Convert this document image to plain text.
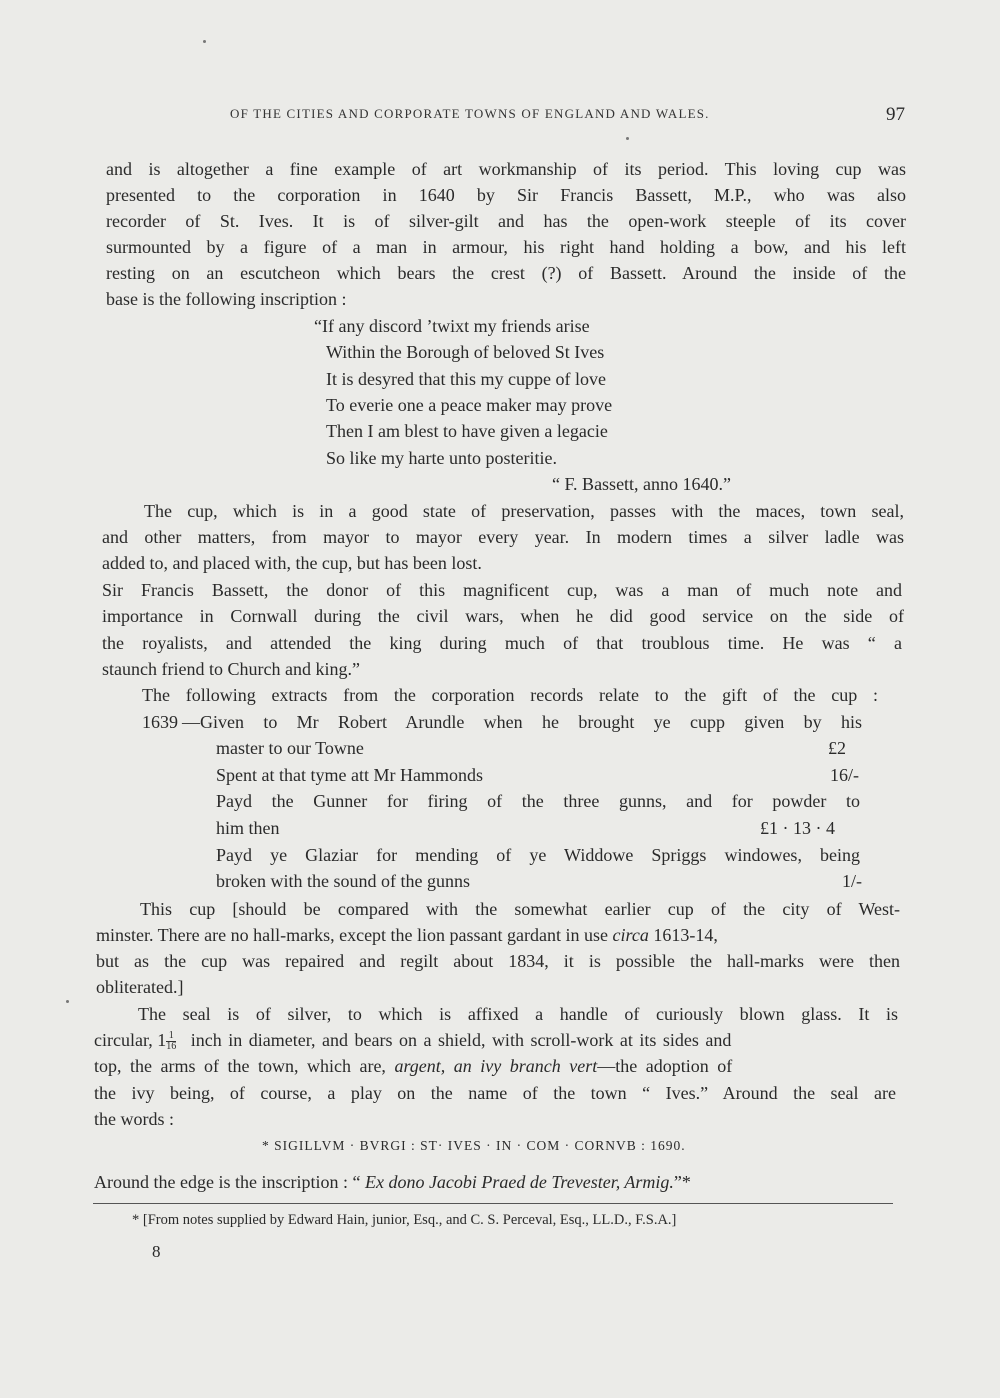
OF THE CITIES AND CORPORATE TOWNS OF ENGLAND AND WALES.	97
and is altogether a fine example of art workmanship of its period. This loving cup was
presented to the corporation in 1640 by Sir Francis Bassett, M.P., who was also
recorder of St. Ives. It is of silver-gilt and has the open-work steeple of its cover
surmounted by a figure of a man in armour, his right hand holding a bow, and his left
resting on an escutcheon which bears the crest (?) of Bassett. Around the inside of the
base is the following inscription :
“If any discord ’twixt my friends arise
Within the Borough of beloved St Ives
It is desyred that this my cuppe of love
To everie one a peace maker may prove
Then I am blest to have given a legacie
So like my harte unto posteritie.
“ F. Bassett, anno 1640.”
The cup, which is in a good state of preservation, passes with the maces, town seal,
and other matters, from mayor to mayor every year. In modern times a silver ladle was
added to, and placed with, the cup, but has been lost.
Sir Francis Bassett, the donor of this magnificent cup, was a man of much note and
importance in Cornwall during the civil wars, when he did good service on the side of
the royalists, and attended the king during much of that troublous time. He was “ a
staunch friend to Church and king.”
The following extracts from the corporation records relate to the gift of the cup :
1639 —Given to Mr Robert Arundle when he brought ye cupp given by his
master to our Towne	£2
Spent at that tyme att Mr Hammonds	16/-
Payd the Gunner for firing of the three gunns, and for powder to
him then	£1 · 13 · 4
Payd ye Glaziar for mending of ye Widdowe Spriggs windowes, being
broken with the sound of the gunns	1/-
This cup [should be compared with the somewhat earlier cup of the city of West-
minster. There are no hall-marks, except the lion passant gardant in use circa 1613-14,
but as the cup was repaired and regilt about 1834, it is possible the hall-marks were then
obliterated.]
The seal is of silver, to which is affixed a handle of curiously blown glass. It is
circular, $1 \frac{1}{16}$ inch in diameter, and bears on a shield, with scroll-work at its sides and
top, the arms of the town, which are, argent, an ivy branch vert—the adoption of
the ivy being, of course, a play on the name of the town “ Ives.” Around the seal are
the words :
* SIGILLVM · BVRGI : ST· IVES · IN · COM · CORNVB : 1690.
Around the edge is the inscription : “ Ex dono Jacobi Praed de Trevester, Armig.”*
* [From notes supplied by Edward Hain, junior, Esq., and C. S. Perceval, Esq., LL.D., F.S.A.]
8
